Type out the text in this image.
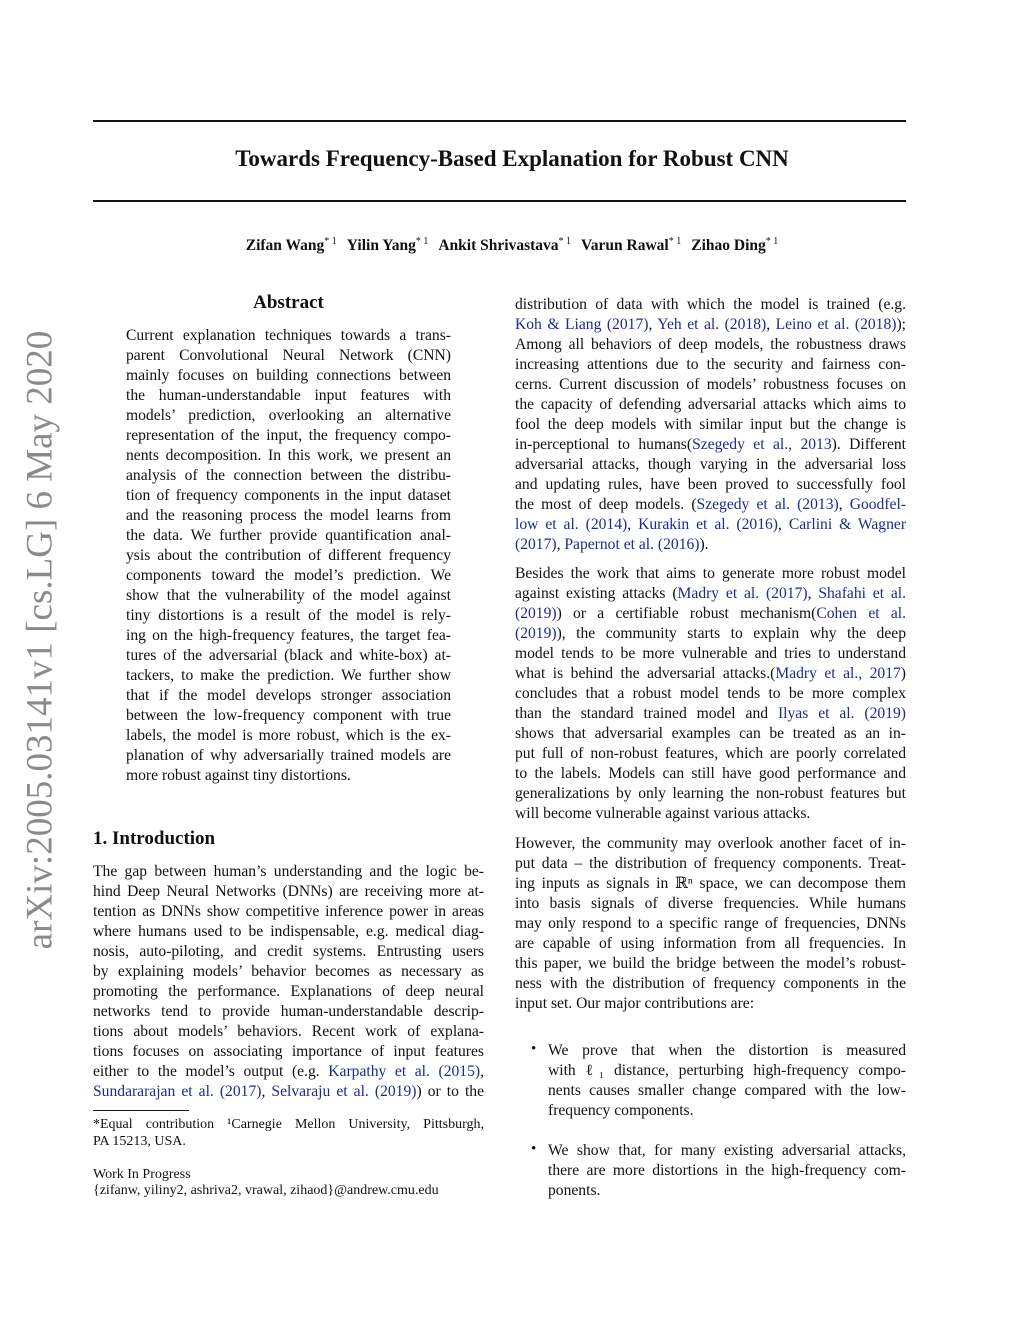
arXiv:2005.03141v1 [cs.LG] 6 May 2020
Towards Frequency-Based Explanation for Robust CNN
Zifan Wang$^{* 1}$ Yilin Yang$^{* 1}$ Ankit Shrivastava$^{* 1}$ Varun Rawal$^{* 1}$ Zihao Ding$^{* 1}$
Abstract
Current explanation techniques towards a trans-
parent Convolutional Neural Network (CNN)
mainly focuses on building connections between
the human-understandable input features with
models’ prediction, overlooking an alternative
representation of the input, the frequency compo-
nents decomposition. In this work, we present an
analysis of the connection between the distribu-
tion of frequency components in the input dataset
and the reasoning process the model learns from
the data. We further provide quantification anal-
ysis about the contribution of different frequency
components toward the model’s prediction. We
show that the vulnerability of the model against
tiny distortions is a result of the model is rely-
ing on the high-frequency features, the target fea-
tures of the adversarial (black and white-box) at-
tackers, to make the prediction. We further show
that if the model develops stronger association
between the low-frequency component with true
labels, the model is more robust, which is the ex-
planation of why adversarially trained models are
more robust against tiny distortions.
1. Introduction
The gap between human’s understanding and the logic be-
hind Deep Neural Networks (DNNs) are receiving more at-
tention as DNNs show competitive inference power in areas
where humans used to be indispensable, e.g. medical diag-
nosis, auto-piloting, and credit systems. Entrusting users
by explaining models’ behavior becomes as necessary as
promoting the performance. Explanations of deep neural
networks tend to provide human-understandable descrip-
tions about models’ behaviors. Recent work of explana-
tions focuses on associating importance of input features
either to the model’s output (e.g. Karpathy et al. (2015),
Sundararajan et al. (2017), Selvaraju et al. (2019)) or to the
*Equal contribution ¹Carnegie Mellon University, Pittsburgh,
PA 15213, USA.
Work In Progress
{zifanw, yiliny2, ashriva2, vrawal, zihaod}@andrew.cmu.edu
distribution of data with which the model is trained (e.g.
Koh & Liang (2017), Yeh et al. (2018), Leino et al. (2018));
Among all behaviors of deep models, the robustness draws
increasing attentions due to the security and fairness con-
cerns. Current discussion of models’ robustness focuses on
the capacity of defending adversarial attacks which aims to
fool the deep models with similar input but the change is
in-perceptional to humans(Szegedy et al., 2013). Different
adversarial attacks, though varying in the adversarial loss
and updating rules, have been proved to successfully fool
the most of deep models. (Szegedy et al. (2013), Goodfel-
low et al. (2014), Kurakin et al. (2016), Carlini & Wagner
(2017), Papernot et al. (2016)).
Besides the work that aims to generate more robust model
against existing attacks (Madry et al. (2017), Shafahi et al.
(2019)) or a certifiable robust mechanism(Cohen et al.
(2019)), the community starts to explain why the deep
model tends to be more vulnerable and tries to understand
what is behind the adversarial attacks.(Madry et al., 2017)
concludes that a robust model tends to be more complex
than the standard trained model and Ilyas et al. (2019)
shows that adversarial examples can be treated as an in-
put full of non-robust features, which are poorly correlated
to the labels. Models can still have good performance and
generalizations by only learning the non-robust features but
will become vulnerable against various attacks.
However, the community may overlook another facet of in-
put data – the distribution of frequency components. Treat-
ing inputs as signals in ℝⁿ space, we can decompose them
into basis signals of diverse frequencies. While humans
may only respond to a specific range of frequencies, DNNs
are capable of using information from all frequencies. In
this paper, we build the bridge between the model’s robust-
ness with the distribution of frequency components in the
input set. Our major contributions are:
• We prove that when the distortion is measured
with ℓ₁ distance, perturbing high-frequency compo-
nents causes smaller change compared with the low-
frequency components.
• We show that, for many existing adversarial attacks,
there are more distortions in the high-frequency com-
ponents.
